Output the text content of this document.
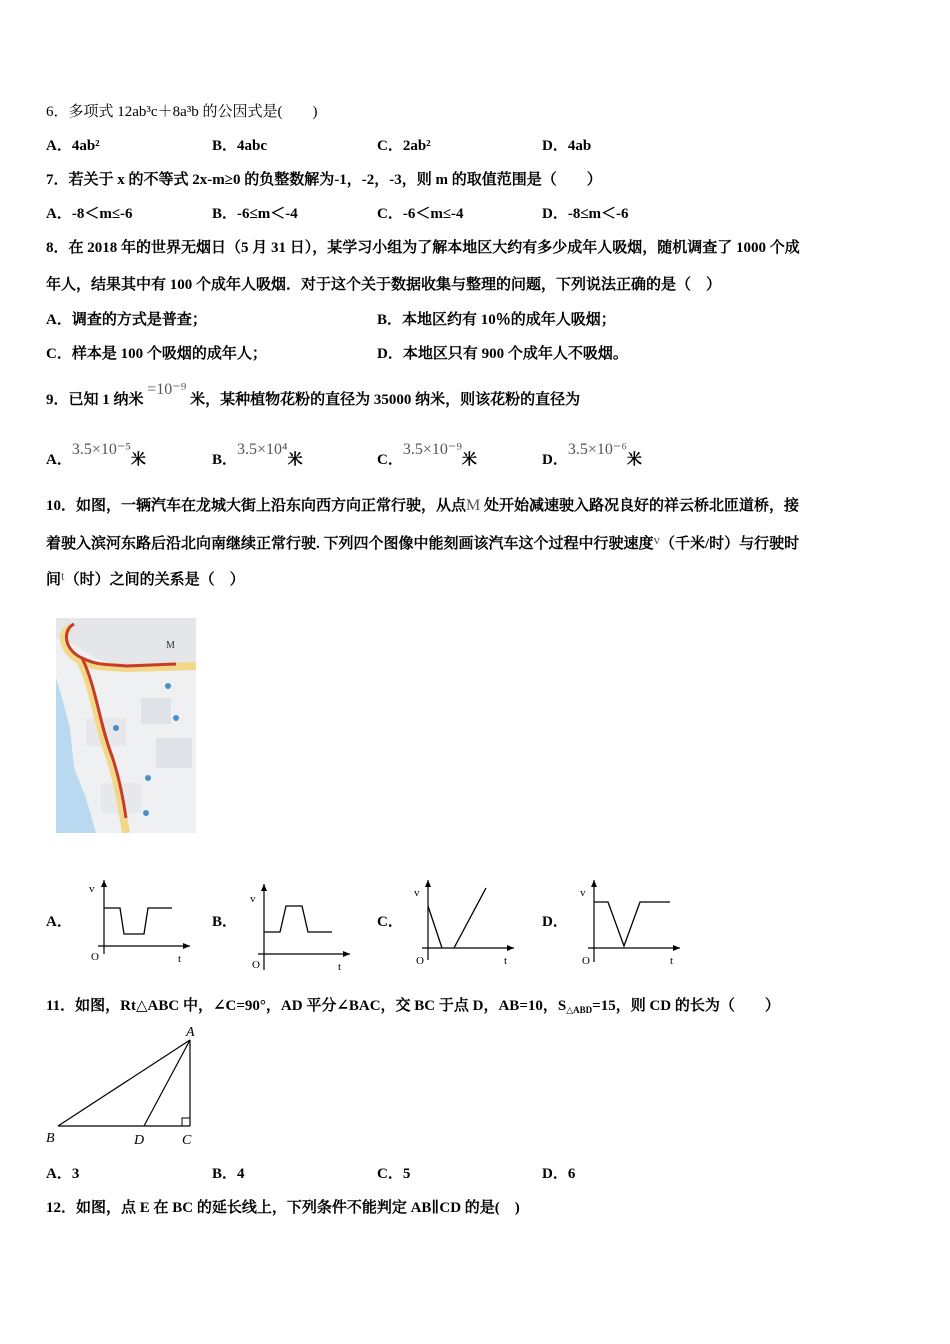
6．多项式 12ab³c＋8a³b 的公因式是(　　)
A．4ab²	B．4abc	C．2ab²	D．4ab
7．若关于 x 的不等式 2x-m≥0 的负整数解为-1，-2，-3，则 m 的取值范围是（　　）
A．-8＜m≤-6	B．-6≤m＜-4	C．-6＜m≤-4	D．-8≤m＜-6
8．在 2018 年的世界无烟日（5 月 31 日），某学习小组为了解本地区大约有多少成年人吸烟，随机调查了 1000 个成
年人，结果其中有 100 个成年人吸烟．对于这个关于数据收集与整理的问题，下列说法正确的是（　）
A．调查的方式是普查；	B．本地区约有 10％的成年人吸烟；
C．样本是 100 个吸烟的成年人；	D．本地区只有 900 个成年人不吸烟。
9．已知 1 纳米 =10⁻⁹ 米，某种植物花粉的直径为 35000 纳米，则该花粉的直径为
A．3.5×10⁻⁵米	B．3.5×10⁴米	C．3.5×10⁻⁹米	D．3.5×10⁻⁶米
10．如图，一辆汽车在龙城大街上沿东向西方向正常行驶，从点M 处开始减速驶入路况良好的祥云桥北匝道桥，接
着驶入滨河东路后沿北向南继续正常行驶. 下列四个图像中能刻画该汽车这个过程中行驶速度v（千米/时）与行驶时
间t（时）之间的关系是（　）
M
A．
v
t
O
B．
v
t
O
C．
v
t
O
D．
v
t
O
11．如图，Rt△ABC 中，∠C=90°，AD 平分∠BAC，交 BC 于点 D，AB=10，$S_{\triangle ABD}=15$，则 CD 的长为（　　）
A
B	D	C
A．3	B．4	C．5	D．6
12．如图，点 E 在 BC 的延长线上，下列条件不能判定 AB∥CD 的是(　)
